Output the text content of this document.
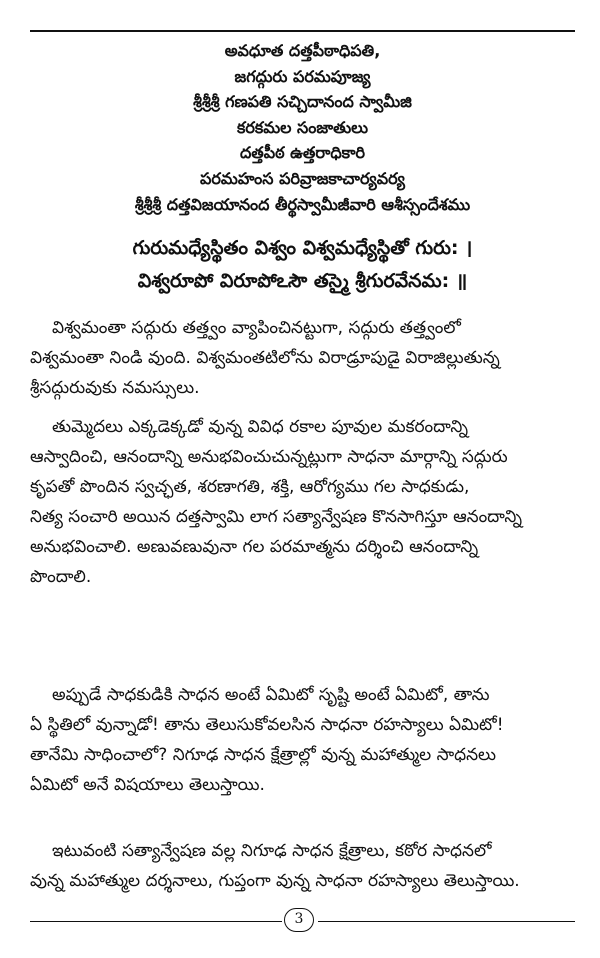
అవధూత దత్తపీఠాధిపతి,
జగద్గురు పరమపూజ్య
శ్రీశ్రీశ్రీ గణపతి సచ్చిదానంద స్వామీజి
కరకమల సంజాతులు
దత్తపీఠ ఉత్తరాధికారి
పరమహంస పరివ్రాజకాచార్యవర్య
శ్రీశ్రీశ్రీ దత్తవిజయానంద తీర్థస్వామీజీవారి ఆశీస్సందేశము
గురుమధ్యేస్థితం విశ్వం విశ్వమధ్యేస్థితో గురు: ।
విశ్వరూపో విరూపోఽసౌ తస్మై శ్రీగురవేనమ: ॥
విశ్వమంతా సద్గురు తత్త్వం వ్యాపించినట్టుగా, సద్గురు తత్త్వంలో
విశ్వమంతా నిండి వుంది. విశ్వమంతటిలోను విరాడ్రూపుడై విరాజిల్లుతున్న
శ్రీసద్గురువుకు నమస్సులు.
తుమ్మెదలు ఎక్కడెక్కడో వున్న వివిధ రకాల పూవుల మకరందాన్ని
ఆస్వాదించి, ఆనందాన్ని అనుభవించుచున్నట్లుగా సాధనా మార్గాన్ని సద్గురు
కృపతో పొందిన స్వచ్ఛత, శరణాగతి, శక్తి, ఆరోగ్యము గల సాధకుడు,
నిత్య సంచారి అయిన దత్తస్వామి లాగ సత్యాన్వేషణ కొనసాగిస్తూ ఆనందాన్ని
అనుభవించాలి. అణువణువునా గల పరమాత్మను దర్శించి ఆనందాన్ని
పొందాలి.
అప్పుడే సాధకుడికి సాధన అంటే ఏమిటో సృష్టి అంటే ఏమిటో, తాను
ఏ స్థితిలో వున్నాడో! తాను తెలుసుకోవలసిన సాధనా రహస్యాలు ఏమిటో!
తానేమి సాధించాలో? నిగూఢ సాధన క్షేత్రాల్లో వున్న మహాత్ముల సాధనలు
ఏమిటో అనే విషయాలు తెలుస్తాయి.
ఇటువంటి సత్యాన్వేషణ వల్ల నిగూఢ సాధన క్షేత్రాలు, కఠోర సాధనలో
వున్న మహాత్ముల దర్శనాలు, గుప్తంగా వున్న సాధనా రహస్యాలు తెలుస్తాయి.
3
